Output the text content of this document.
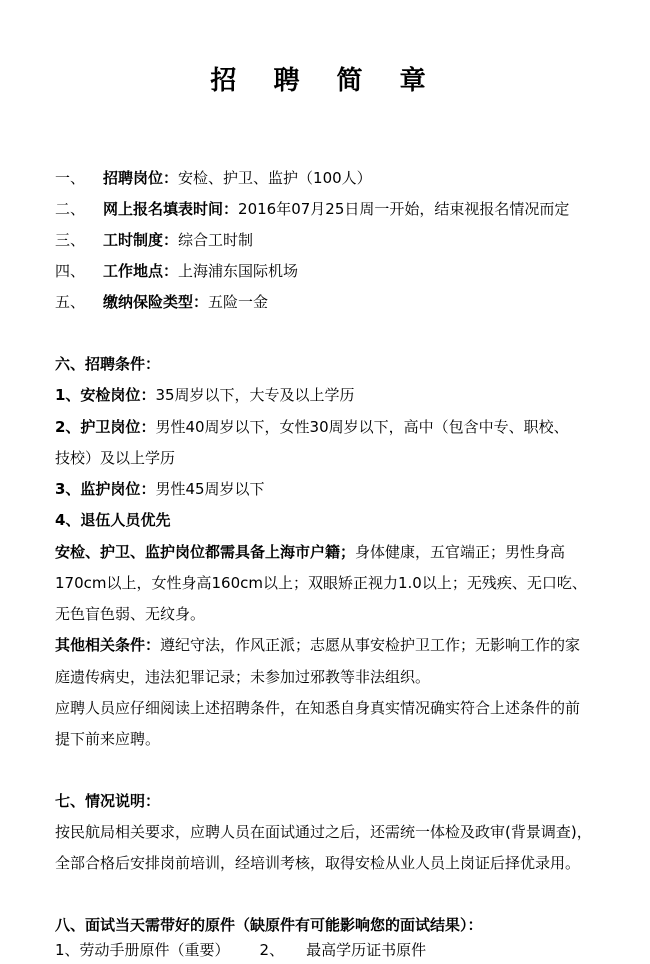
招 聘 简 章
一、 招聘岗位：安检、护卫、监护（100人）
二、 网上报名填表时间：2016年07月25日周一开始，结束视报名情况而定
三、 工时制度：综合工时制
四、 工作地点：上海浦东国际机场
五、 缴纳保险类型：五险一金
六、招聘条件：
1、安检岗位：35周岁以下，大专及以上学历
2、护卫岗位：男性40周岁以下，女性30周岁以下，高中（包含中专、职校、
技校）及以上学历
3、监护岗位：男性45周岁以下
4、退伍人员优先
安检、护卫、监护岗位都需具备上海市户籍；身体健康，五官端正；男性身高
170cm以上，女性身高160cm以上；双眼矫正视力1.0以上；无残疾、无口吃、
无色盲色弱、无纹身。
其他相关条件：遵纪守法，作风正派；志愿从事安检护卫工作；无影响工作的家
庭遗传病史，违法犯罪记录；未参加过邪教等非法组织。
应聘人员应仔细阅读上述招聘条件，在知悉自身真实情况确实符合上述条件的前
提下前来应聘。
七、情况说明：
按民航局相关要求，应聘人员在面试通过之后，还需统一体检及政审(背景调查)，
全部合格后安排岗前培训，经培训考核，取得安检从业人员上岗证后择优录用。
八、面试当天需带好的原件（缺原件有可能影响您的面试结果）：
1、劳动手册原件（重要） 2、 最高学历证书原件
